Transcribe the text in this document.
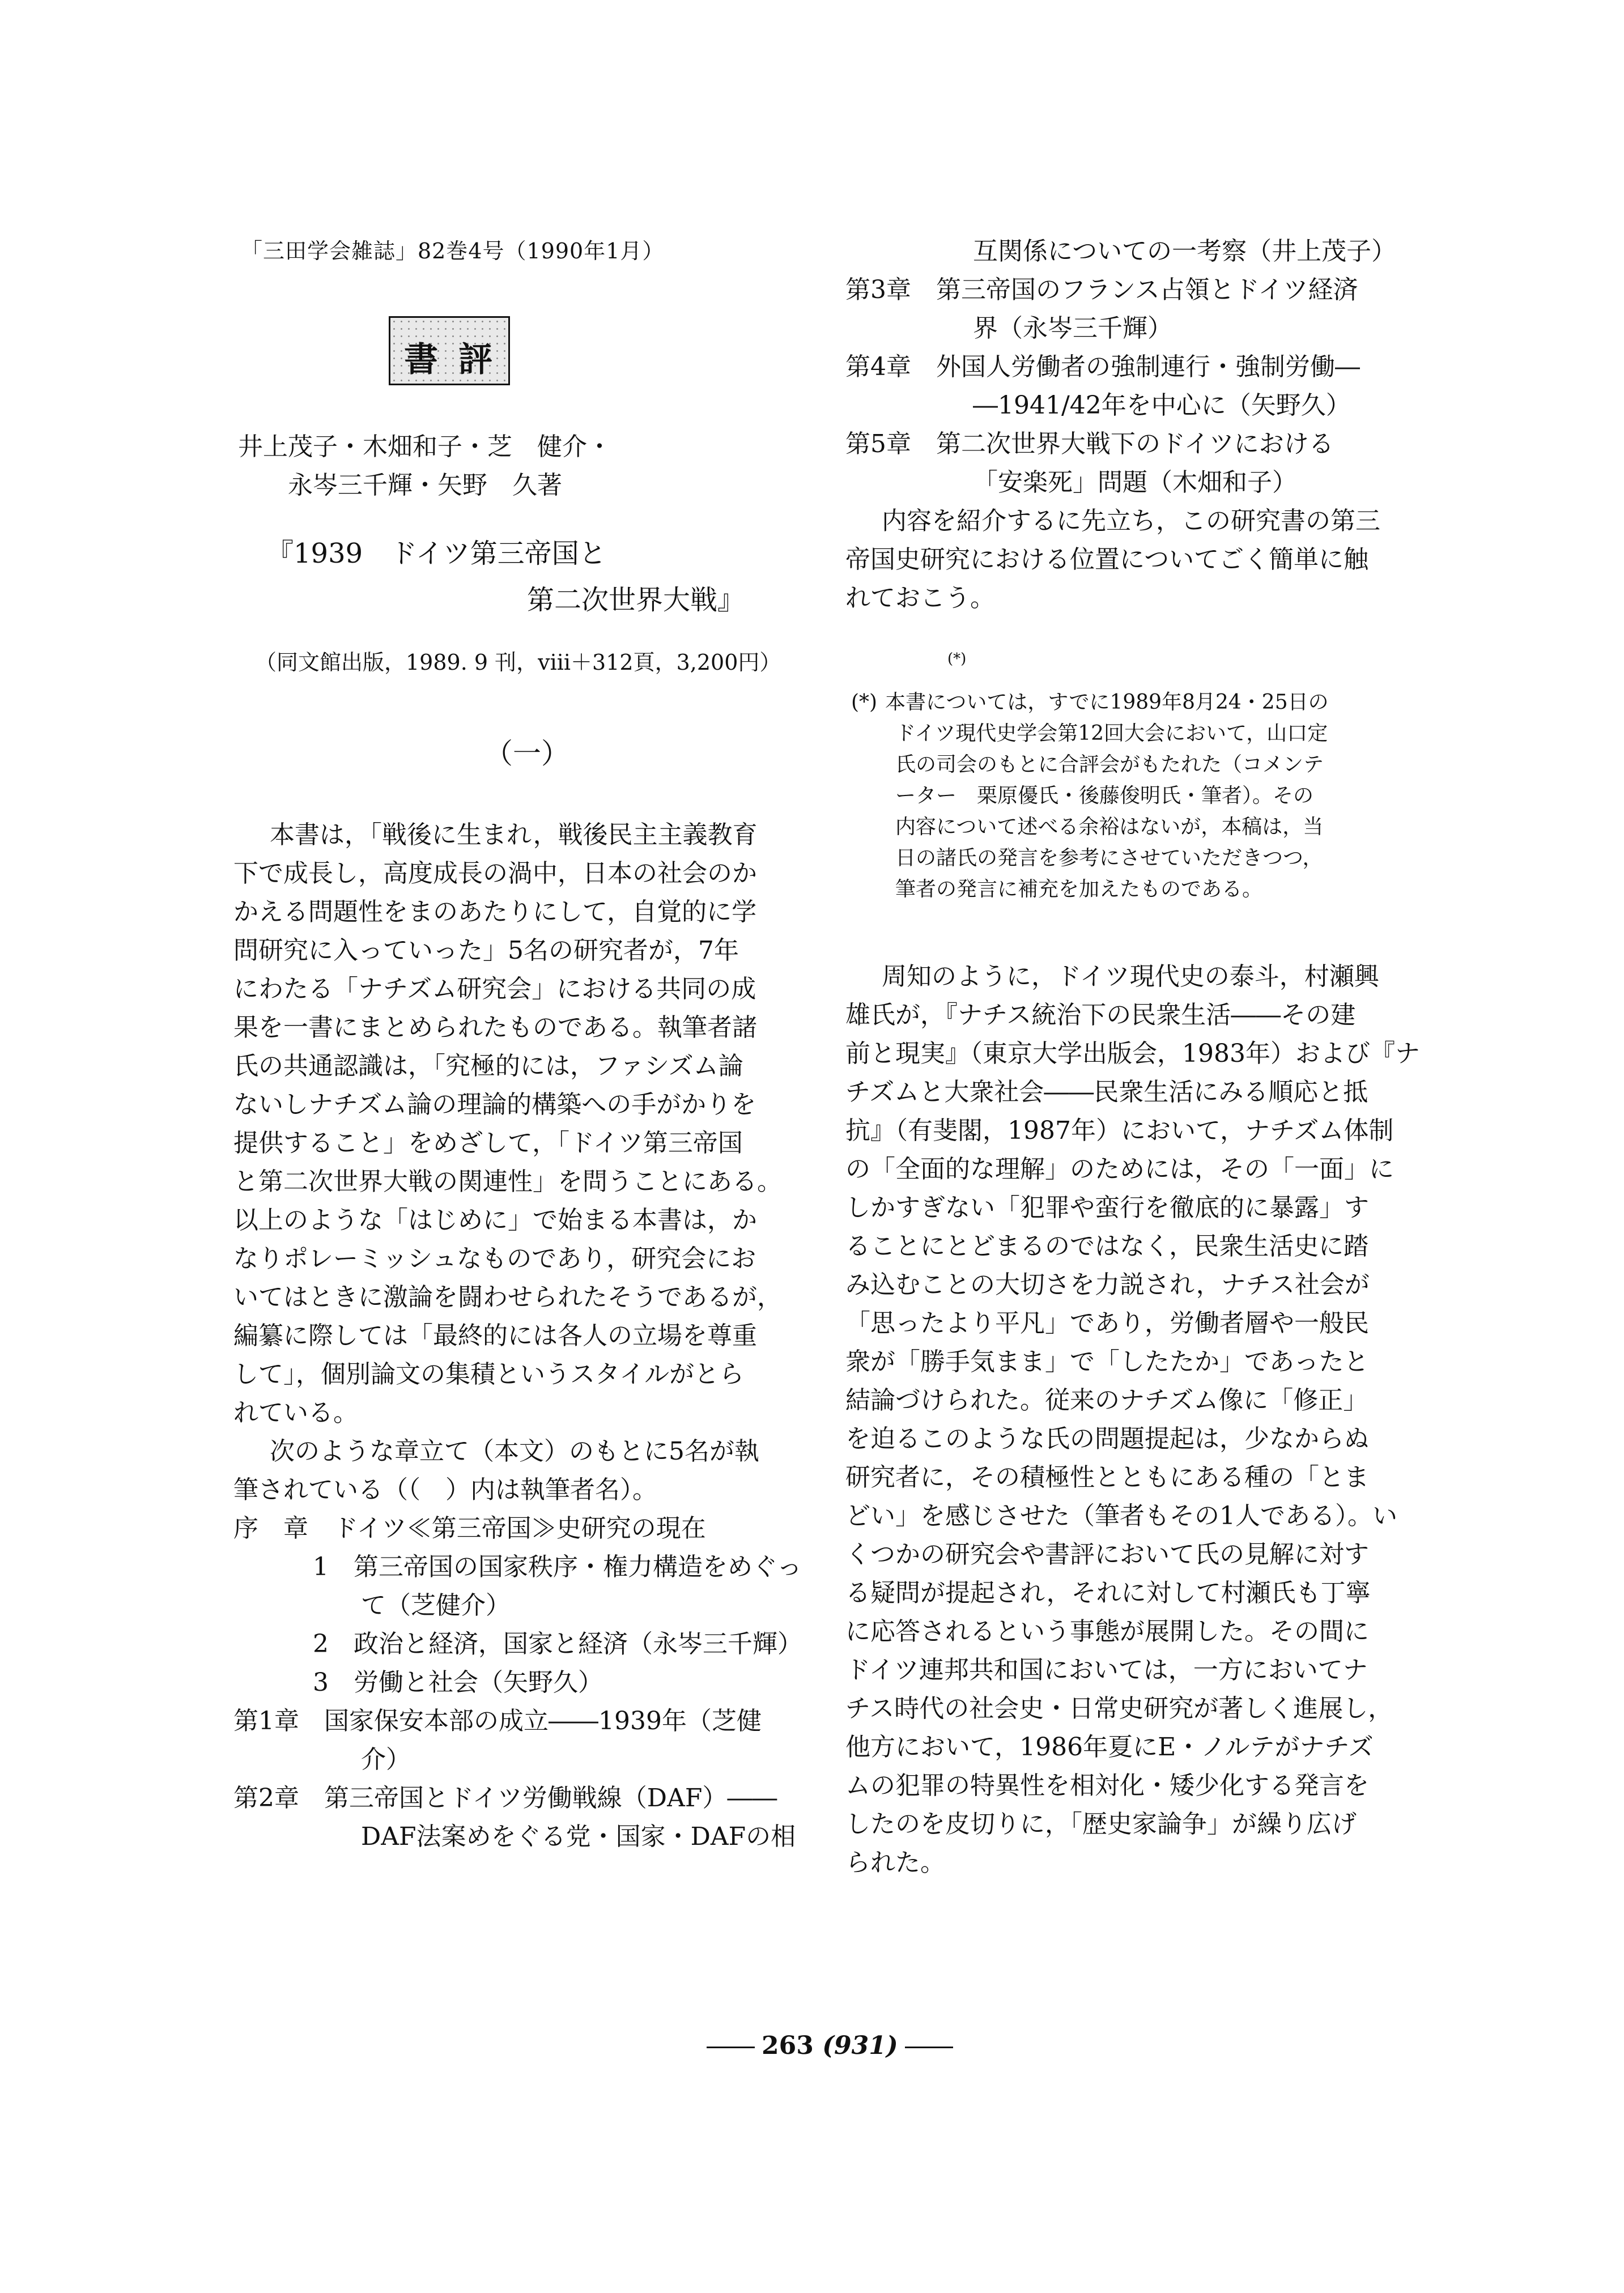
「三田学会雑誌」82巻4号（1990年1月）
書 評
井上茂子・木畑和子・芝　健介・
永岑三千輝・矢野　久著
『1939　ドイツ第三帝国と
第二次世界大戦』
（同文館出版，1989. 9 刊，viii＋312頁，3,200円）
（一）

本書は，「戦後に生まれ，戦後民主主義教育

下で成長し，高度成長の渦中，日本の社会のか

かえる問題性をまのあたりにして，自覚的に学

問研究に入っていった」5名の研究者が，7年

にわたる「ナチズム研究会」における共同の成

果を一書にまとめられたものである。執筆者諸

氏の共通認識は，「究極的には，ファシズム論

ないしナチズム論の理論的構築への手がかりを

提供すること」をめざして，「ドイツ第三帝国

と第二次世界大戦の関連性」を問うことにある。

以上のような「はじめに」で始まる本書は，か

なりポレーミッシュなものであり，研究会にお

いてはときに激論を闘わせられたそうであるが，

編纂に際しては「最終的には各人の立場を尊重

して」，個別論文の集積というスタイルがとら

れている。

次のような章立て（本文）のもとに5名が執

筆されている（（　）内は執筆者名）。

序　章　ドイツ≪第三帝国≫史研究の現在

1　第三帝国の国家秩序・権力構造をめぐっ

て（芝健介）

2　政治と経済，国家と経済（永岑三千輝）

3　労働と社会（矢野久）

第1章　国家保安本部の成立――1939年（芝健

介）

第2章　第三帝国とドイツ労働戦線（DAF）――

DAF法案めをぐる党・国家・DAFの相

互関係についての一考察（井上茂子）

第3章　第三帝国のフランス占領とドイツ経済

界（永岑三千輝）

第4章　外国人労働者の強制連行・強制労働―

―1941/42年を中心に（矢野久）

第5章　第二次世界大戦下のドイツにおける

「安楽死」問題（木畑和子）

内容を紹介するに先立ち，この研究書の第三

帝国史研究における位置についてごく簡単に触

れておこう。

(*)

(*) 本書については，すでに1989年8月24・25日の

ドイツ現代史学会第12回大会において，山口定

氏の司会のもとに合評会がもたれた（コメンテ

ーター　栗原優氏・後藤俊明氏・筆者）。その

内容について述べる余裕はないが，本稿は，当

日の諸氏の発言を参考にさせていただきつつ，

筆者の発言に補充を加えたものである。

周知のように，ドイツ現代史の泰斗，村瀬興

雄氏が，『ナチス統治下の民衆生活――その建

前と現実』（東京大学出版会，1983年）および『ナ

チズムと大衆社会――民衆生活にみる順応と抵

抗』（有斐閣，1987年）において，ナチズム体制

の「全面的な理解」のためには，その「一面」に

しかすぎない「犯罪や蛮行を徹底的に暴露」す

ることにとどまるのではなく，民衆生活史に踏

み込むことの大切さを力説され，ナチス社会が

「思ったより平凡」であり，労働者層や一般民

衆が「勝手気まま」で「したたか」であったと

結論づけられた。従来のナチズム像に「修正」

を迫るこのような氏の問題提起は，少なからぬ

研究者に，その積極性とともにある種の「とま

どい」を感じさせた（筆者もその1人である）。い

くつかの研究会や書評において氏の見解に対す

る疑問が提起され，それに対して村瀬氏も丁寧

に応答されるという事態が展開した。その間に

ドイツ連邦共和国においては，一方においてナ

チス時代の社会史・日常史研究が著しく進展し，

他方において，1986年夏にE・ノルテがナチズ

ムの犯罪の特異性を相対化・矮少化する発言を

したのを皮切りに，「歴史家論争」が繰り広げ

られた。

263 (931)
